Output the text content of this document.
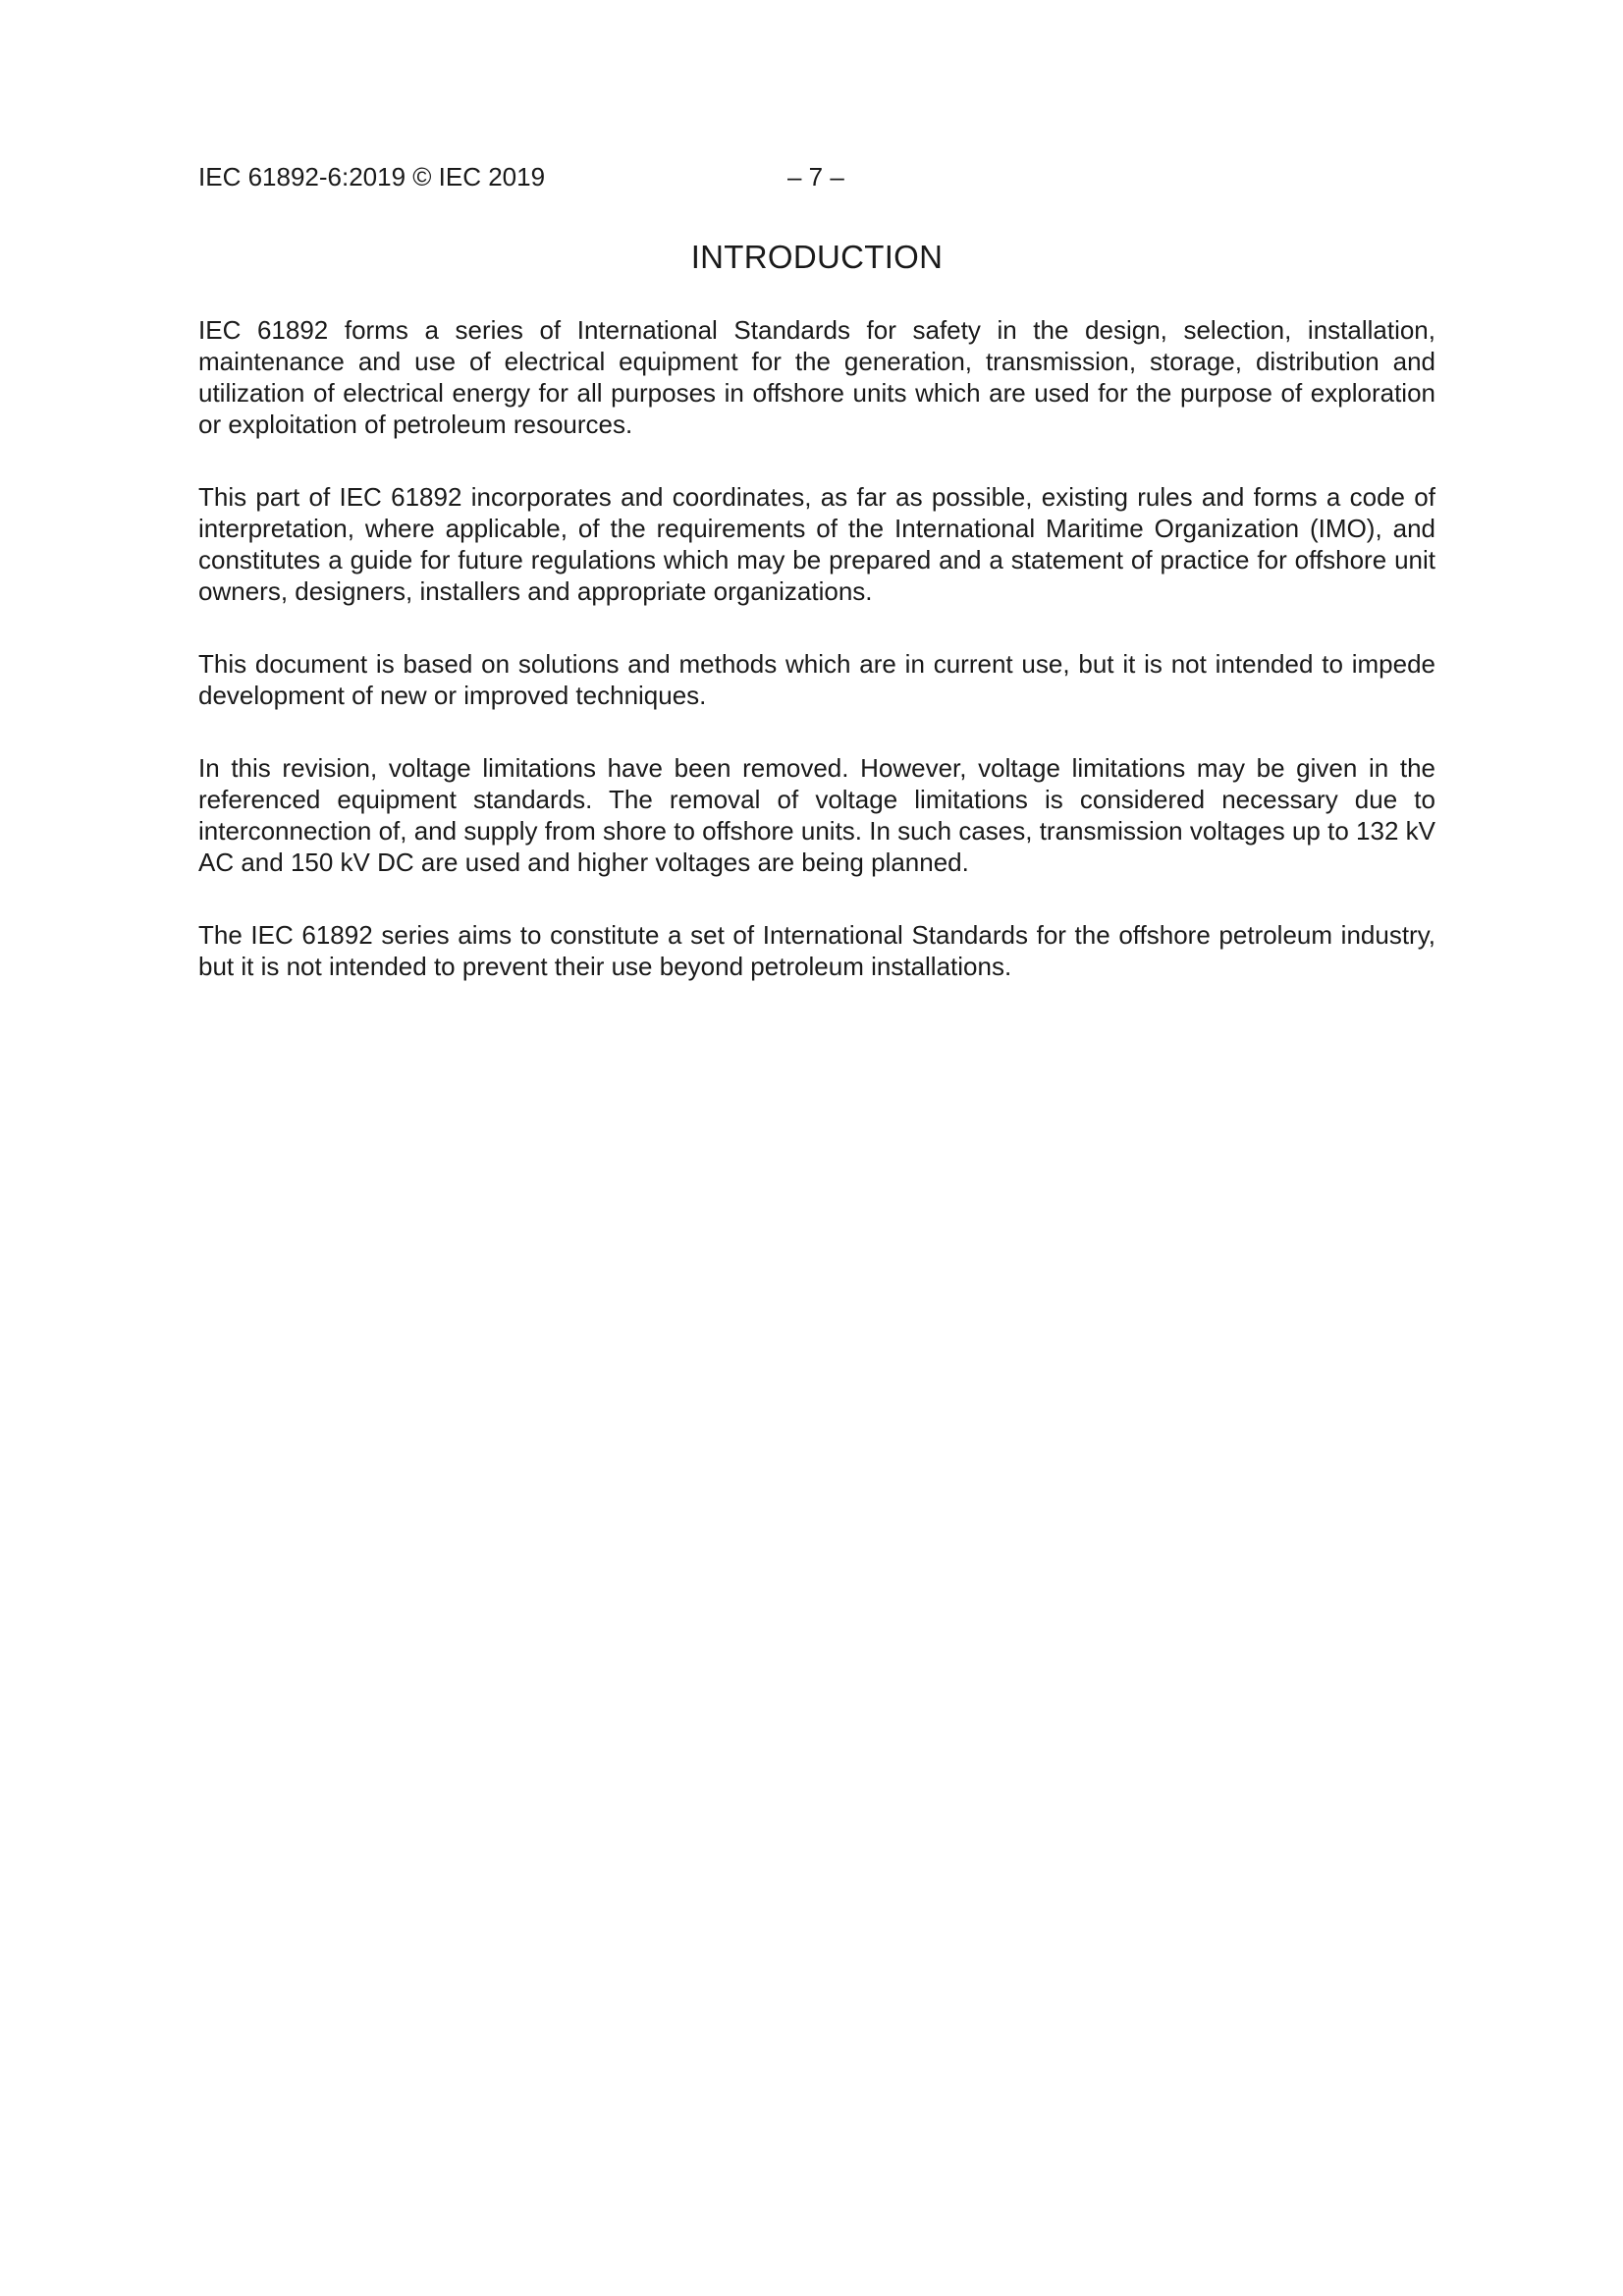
IEC 61892-6:2019 © IEC 2019	– 7 –
INTRODUCTION

IEC 61892 forms a series of International Standards for safety in the design, selection, installation, maintenance and use of electrical equipment for the generation, transmission, storage, distribution and utilization of electrical energy for all purposes in offshore units which are used for the purpose of exploration or exploitation of petroleum resources.

This part of IEC 61892 incorporates and coordinates, as far as possible, existing rules and forms a code of interpretation, where applicable, of the requirements of the International Maritime Organization (IMO), and constitutes a guide for future regulations which may be prepared and a statement of practice for offshore unit owners, designers, installers and appropriate organizations.

This document is based on solutions and methods which are in current use, but it is not intended to impede development of new or improved techniques.

In this revision, voltage limitations have been removed. However, voltage limitations may be given in the referenced equipment standards. The removal of voltage limitations is considered necessary due to interconnection of, and supply from shore to offshore units. In such cases, transmission voltages up to 132 kV AC and 150 kV DC are used and higher voltages are being planned.

The IEC 61892 series aims to constitute a set of International Standards for the offshore petroleum industry, but it is not intended to prevent their use beyond petroleum installations.
